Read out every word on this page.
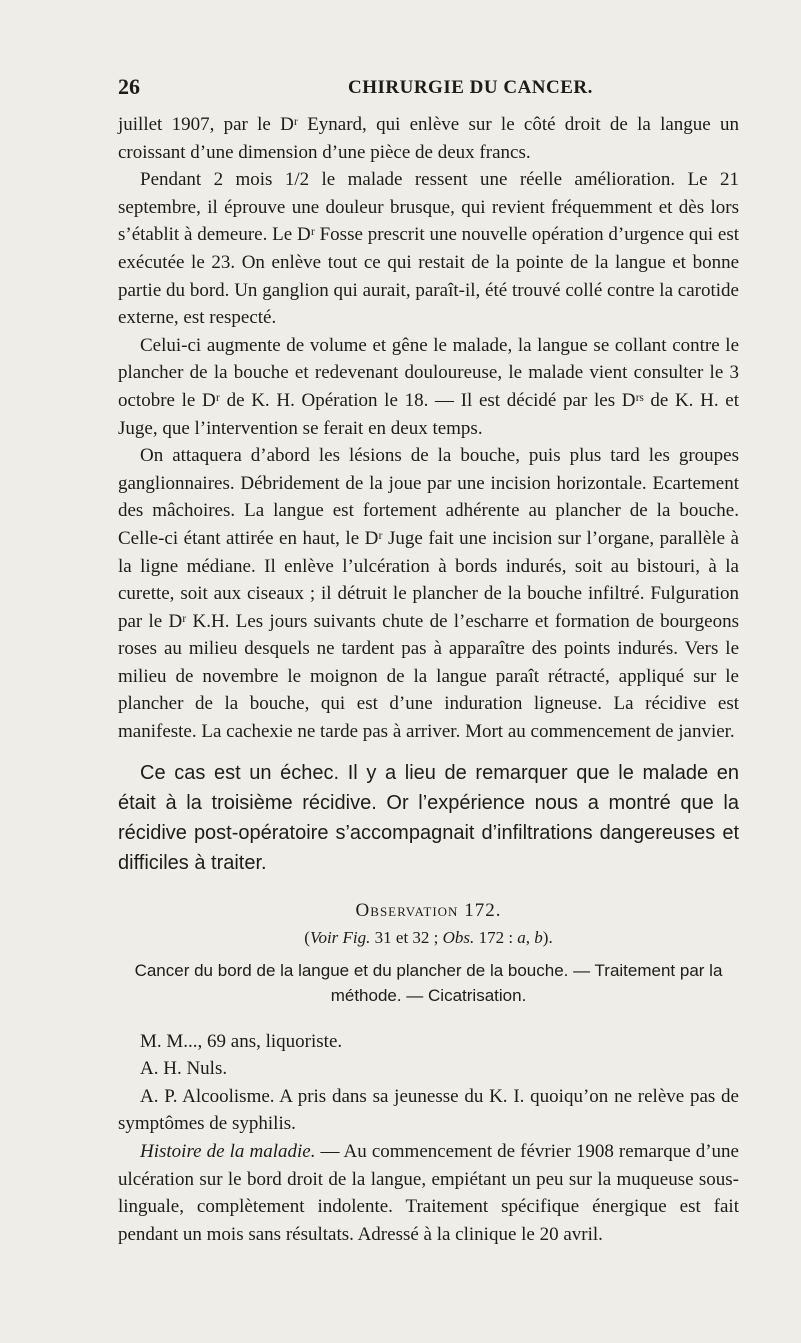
26	CHIRURGIE DU CANCER.

juillet 1907, par le Dʳ Eynard, qui enlève sur le côté droit de la langue un croissant d’une dimension d’une pièce de deux francs.

Pendant 2 mois 1/2 le malade ressent une réelle amélioration. Le 21 septembre, il éprouve une douleur brusque, qui revient fréquemment et dès lors s’établit à demeure. Le Dʳ Fosse prescrit une nouvelle opération d’urgence qui est exécutée le 23. On enlève tout ce qui restait de la pointe de la langue et bonne partie du bord. Un ganglion qui aurait, paraît-il, été trouvé collé contre la carotide externe, est respecté.

Celui-ci augmente de volume et gêne le malade, la langue se collant contre le plancher de la bouche et redevenant douloureuse, le malade vient consulter le 3 octobre le Dʳ de K. H. Opération le 18. — Il est décidé par les Dʳˢ de K. H. et Juge, que l’intervention se ferait en deux temps.

On attaquera d’abord les lésions de la bouche, puis plus tard les groupes ganglionnaires. Débridement de la joue par une incision horizontale. Ecartement des mâchoires. La langue est fortement adhérente au plancher de la bouche. Celle-ci étant attirée en haut, le Dʳ Juge fait une incision sur l’organe, parallèle à la ligne médiane. Il enlève l’ulcération à bords indurés, soit au bistouri, à la curette, soit aux ciseaux ; il détruit le plancher de la bouche infiltré. Fulguration par le Dʳ K.H. Les jours suivants chute de l’escharre et formation de bourgeons roses au milieu desquels ne tardent pas à apparaître des points indurés. Vers le milieu de novembre le moignon de la langue paraît rétracté, appliqué sur le plancher de la bouche, qui est d’une induration ligneuse. La récidive est manifeste. La cachexie ne tarde pas à arriver. Mort au commencement de janvier.

Ce cas est un échec. Il y a lieu de remarquer que le malade en était à la troisième récidive. Or l’expérience nous a montré que la récidive post-opératoire s’accompagnait d’infiltrations dangereuses et difficiles à traiter.

Observation 172.
(Voir Fig. 31 et 32 ; Obs. 172 : a, b).
Cancer du bord de la langue et du plancher de la bouche. — Traitement par la méthode. — Cicatrisation.

M. M..., 69 ans, liquoriste.

A. H. Nuls.

A. P. Alcoolisme. A pris dans sa jeunesse du K. I. quoiqu’on ne relève pas de symptômes de syphilis.

Histoire de la maladie. — Au commencement de février 1908 remarque d’une ulcération sur le bord droit de la langue, empiétant un peu sur la muqueuse sous-linguale, complètement indolente. Traitement spécifique énergique est fait pendant un mois sans résultats. Adressé à la clinique le 20 avril.
